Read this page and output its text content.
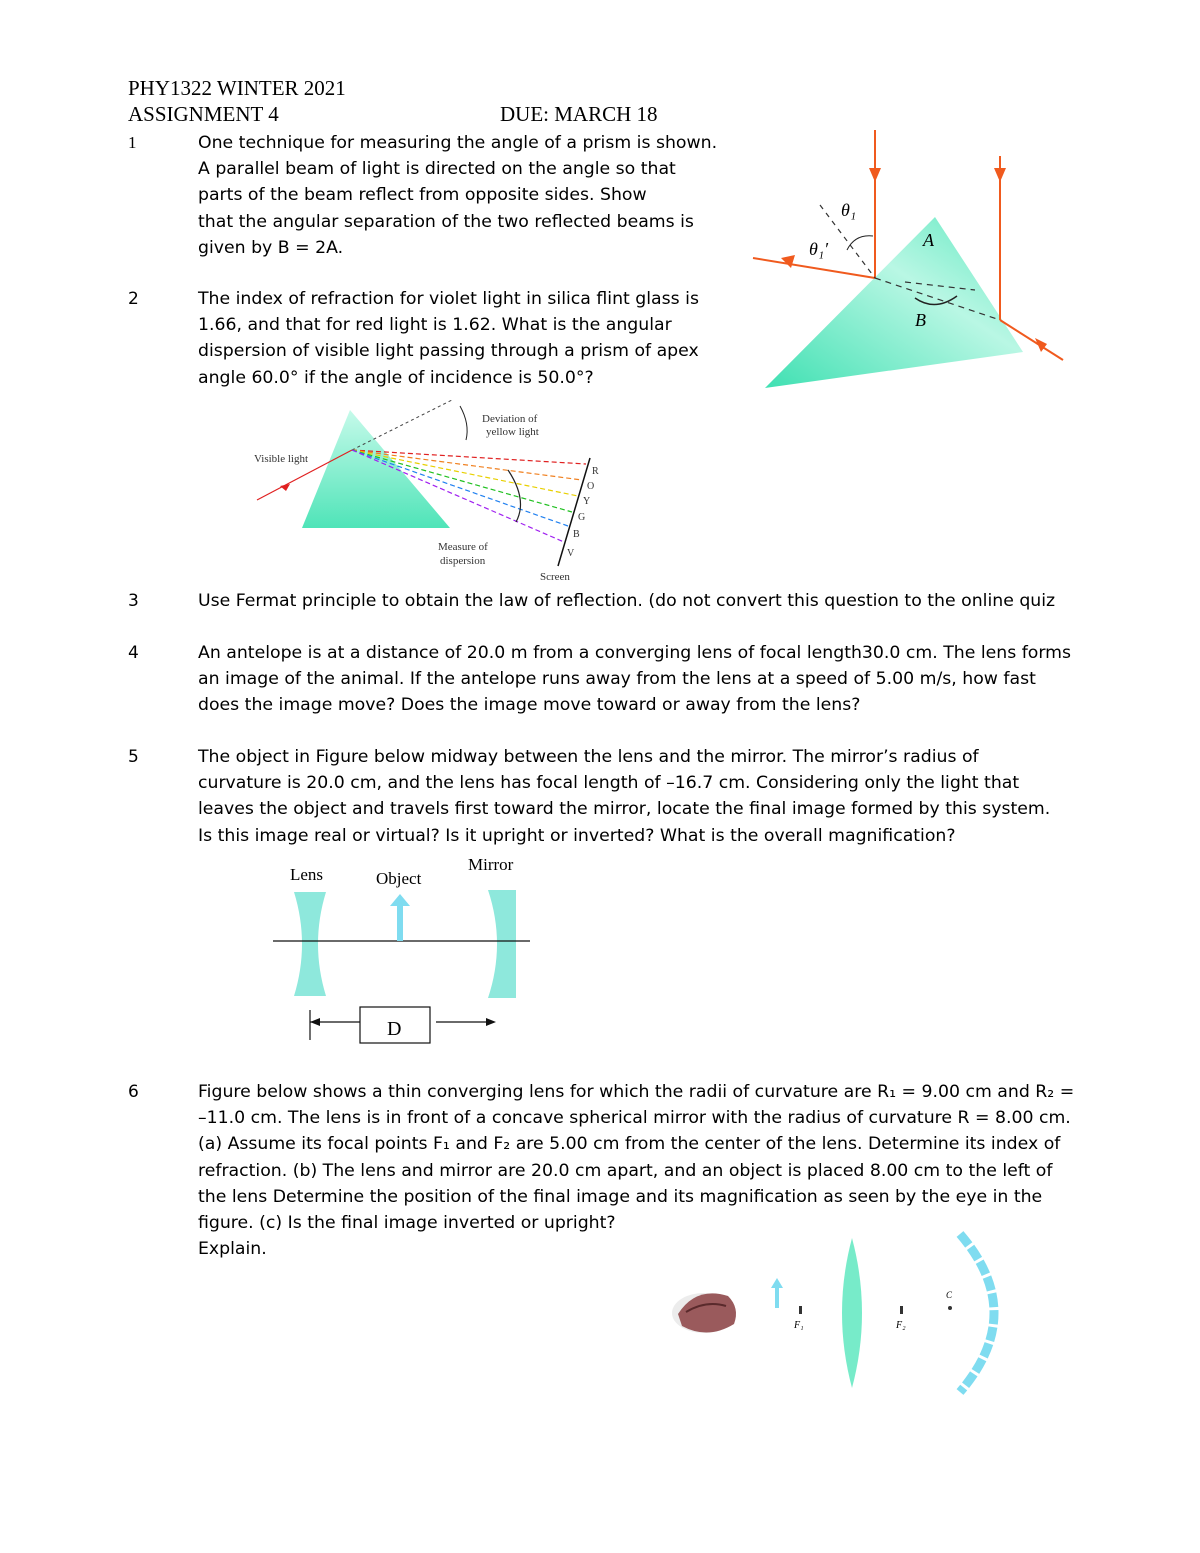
PHY1322 WINTER 2021
ASSIGNMENT 4	DUE: MARCH 18
1	One technique for measuring the angle of a prism is shown.

A parallel beam of light is directed on the angle so that

parts of the beam reflect from opposite sides. Show

that the angular separation of the two reflected beams is

given by B = 2A.

2	The index of refraction for violet light in silica flint glass is

1.66, and that for red light is 1.62. What is the angular

dispersion of visible light passing through a prism of apex

angle 60.0° if the angle of incidence is 50.0°?

3	Use Fermat principle to obtain the law of reflection. (do not convert this question to the online quiz

4	An antelope is at a distance of 20.0 m from a converging lens of focal length30.0 cm. The lens forms

an image of the animal. If the antelope runs away from the lens at a speed of 5.00 m/s, how fast

does the image move? Does the image move toward or away from the lens?

5	The object in Figure below midway between the lens and the mirror. The mirror’s radius of

curvature is 20.0 cm, and the lens has focal length of –16.7 cm. Considering only the light that

leaves the object and travels first toward the mirror, locate the final image formed by this system.

Is this image real or virtual? Is it upright or inverted? What is the overall magnification?

6	Figure below shows a thin converging lens for which the radii of curvature are R₁ = 9.00 cm and R₂ =

–11.0 cm. The lens is in front of a concave spherical mirror with the radius of curvature R = 8.00 cm.

(a) Assume its focal points F₁ and F₂ are 5.00 cm from the center of the lens. Determine its index of

refraction. (b) The lens and mirror are 20.0 cm apart, and an object is placed 8.00 cm to the left of

the lens Determine the position of the final image and its magnification as seen by the eye in the

figure. (c) Is the final image inverted or upright?

Explain.

θ₁
θ₁′	A
B
Deviation of
yellow light
Visible light
Measure of
dispersion
Screen
R
O
Y
G
B
V
Lens	Object
Mirror
D
F₁	F₂
C
